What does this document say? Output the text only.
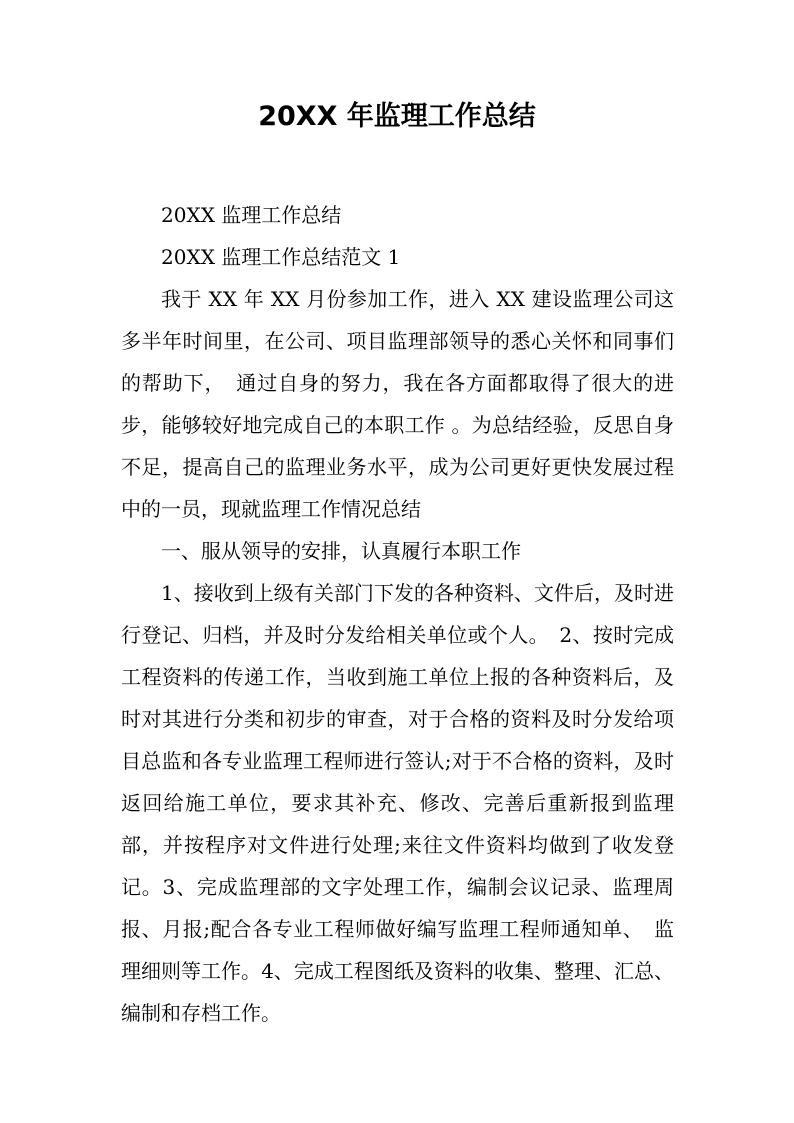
20XX 年监理工作总结

20XX 监理工作总结

20XX 监理工作总结范文 1

我于 XX 年 XX 月份参加工作，进入 XX 建设监理公司这多半年时间里，在公司、项目监理部领导的悉心关怀和同事们的帮助下，　通过自身的努力，我在各方面都取得了很大的进步，能够较好地完成自己的本职工作 。为总结经验，反思自身不足，提高自己的监理业务水平，成为公司更好更快发展过程中的一员，现就监理工作情况总结

一、服从领导的安排，认真履行本职工作

1、接收到上级有关部门下发的各种资料、文件后，及时进行登记、归档，并及时分发给相关单位或个人。　2、按时完成工程资料的传递工作，当收到施工单位上报的各种资料后，及时对其进行分类和初步的审查，对于合格的资料及时分发给项目总监和各专业监理工程师进行签认;对于不合格的资料，及时返回给施工单位，要求其补充、修改、完善后重新报到监理部，并按程序对文件进行处理;来往文件资料均做到了收发登记。3、完成监理部的文字处理工作，编制会议记录、监理周报、月报;配合各专业工程师做好编写监理工程师通知单、　监理细则等工作。4、完成工程图纸及资料的收集、整理、汇总、编制和存档工作。
